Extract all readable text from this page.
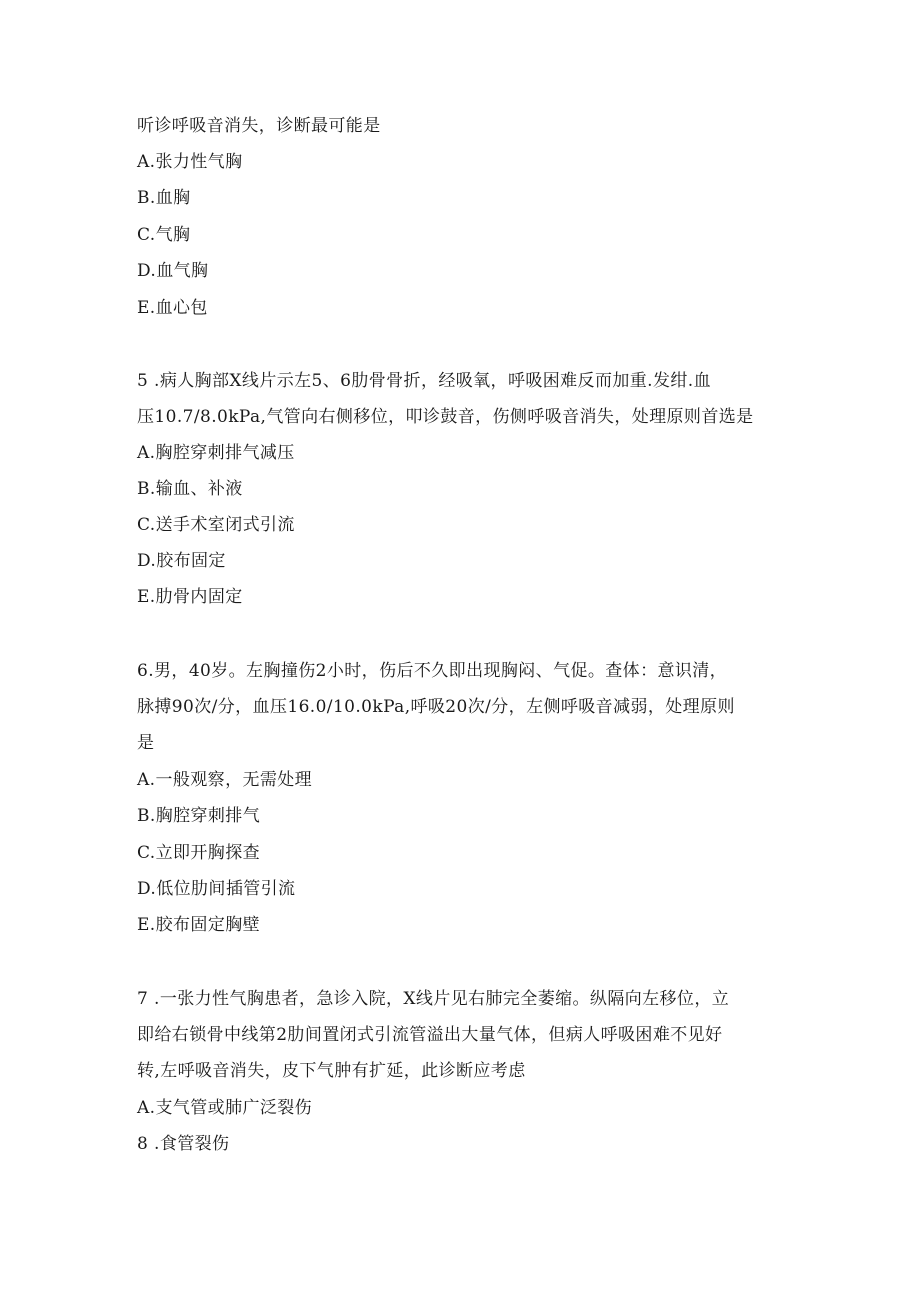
听诊呼吸音消失，诊断最可能是
A.张力性气胸
B.血胸
C.气胸
D.血气胸
E.血心包
5 .病人胸部X线片示左5、6肋骨骨折，经吸氧，呼吸困难反而加重.发绀.血
压10.7/8.0kPa,气管向右侧移位，叩诊鼓音，伤侧呼吸音消失，处理原则首选是
A.胸腔穿刺排气减压
B.输血、补液
C.送手术室闭式引流
D.胶布固定
E.肋骨内固定
6.男，40岁。左胸撞伤2小时，伤后不久即出现胸闷、气促。查体：意识清，
脉搏90次/分，血压16.0/10.0kPa,呼吸20次/分，左侧呼吸音减弱，处理原则
是
A.一般观察，无需处理
B.胸腔穿刺排气
C.立即开胸探查
D.低位肋间插管引流
E.胶布固定胸壁
7 .一张力性气胸患者，急诊入院，X线片见右肺完全萎缩。纵隔向左移位，立
即给右锁骨中线第2肋间置闭式引流管溢出大量气体，但病人呼吸困难不见好
转,左呼吸音消失，皮下气肿有扩延，此诊断应考虑
A.支气管或肺广泛裂伤
8 .食管裂伤
